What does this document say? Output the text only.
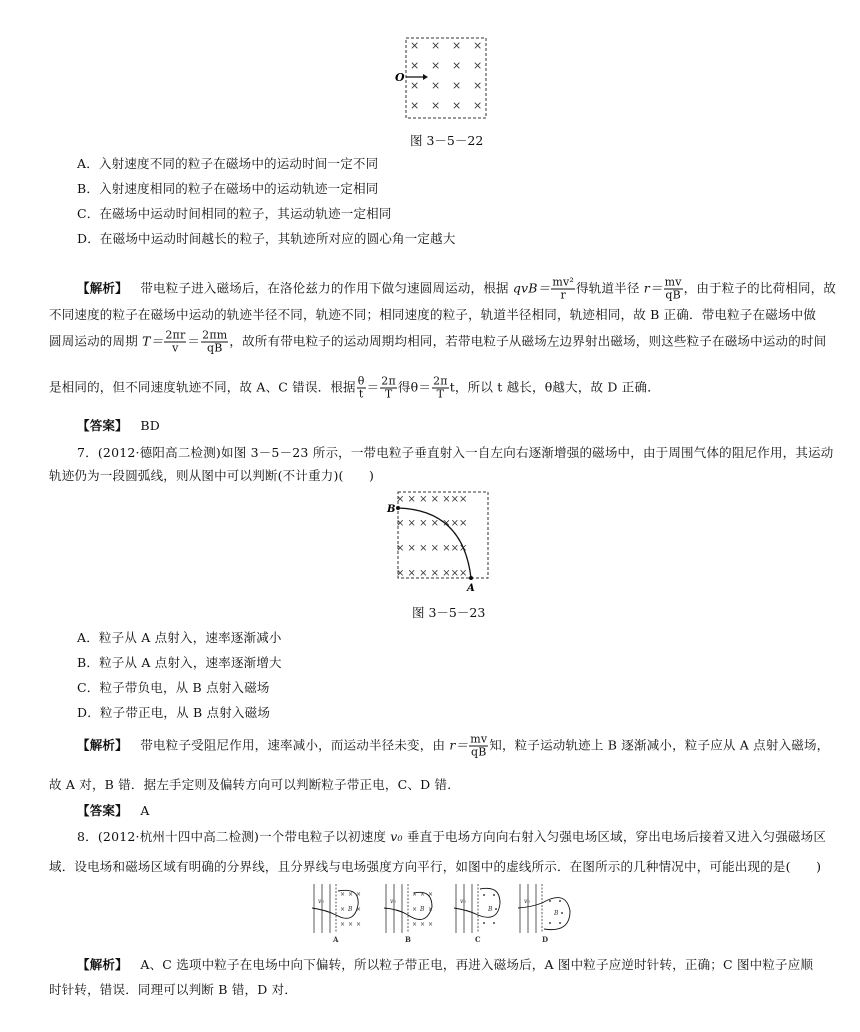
× × × ×
× × × ×
× × × ×
× × × ×
O
图 3－5－22
A．入射速度不同的粒子在磁场中的运动时间一定不同
B．入射速度相同的粒子在磁场中的运动轨迹一定相同
C．在磁场中运动时间相同的粒子，其运动轨迹一定相同
D．在磁场中运动时间越长的粒子，其轨迹所对应的圆心角一定越大
【解析】 带电粒子进入磁场后，在洛伦兹力的作用下做匀速圆周运动，根据 $qvB= \frac{\text{mv²}}{r}$ 得轨道半径 $r= \frac{mv}{qB}$ ，由于粒子的比荷相同，故
不同速度的粒子在磁场中运动的轨迹半径不同，轨迹不同；相同速度的粒子，轨道半径相同，轨迹相同，故 B 正确．带电粒子在磁场中做
圆周运动的周期 $T= \frac{2\pi r}{v} = \frac{2\pi m}{qB}$ ，故所有带电粒子的运动周期均相同，若带电粒子从磁场左边界射出磁场，则这些粒子在磁场中运动的时间
是相同的，但不同速度轨迹不同，故 A、C 错误．根据 $\frac{\theta}{t} = \frac{2\pi}{T}$ 得$\theta= \frac{2\pi}{T}$ t，所以 t 越长，θ越大，故 D 正确．
【答案】 BD
7．(2012·德阳高二检测)如图 3－5－23 所示，一带电粒子垂直射入一自左向右逐渐增强的磁场中，由于周围气体的阻尼作用，其运动
轨迹仍为一段圆弧线，则从图中可以判断(不计重力)(　　)
× × × × ×××
× × × × ×××
× × × × ×××
× × × × ×××
B
A
图 3－5－23
A．粒子从 A 点射入，速率逐渐减小
B．粒子从 A 点射入，速率逐渐增大
C．粒子带负电，从 B 点射入磁场
D．粒子带正电，从 B 点射入磁场
【解析】 带电粒子受阻尼作用，速率减小，而运动半径未变，由 $r= \frac{mv}{qB}$ 知，粒子运动轨迹上 B 逐渐减小，粒子应从 A 点射入磁场，
故 A 对，B 错．据左手定则及偏转方向可以判断粒子带正电，C、D 错．
【答案】 A
8．(2012·杭州十四中高二检测)一个带电粒子以初速度 v₀ 垂直于电场方向向右射入匀强电场区域，穿出电场后接着又进入匀强磁场区
域．设电场和磁场区域有明确的分界线，且分界线与电场强度方向平行，如图中的虚线所示．在图所示的几种情况中，可能出现的是(　　)
v₀
× × ×
× B ×
× × ×
A
v₀
× × ×
× B ×
× × ×
B
v₀
B
C
v₀
B
D
【解析】 A、C 选项中粒子在电场中向下偏转，所以粒子带正电，再进入磁场后，A 图中粒子应逆时针转，正确；C 图中粒子应顺
时针转，错误．同理可以判断 B 错，D 对．
